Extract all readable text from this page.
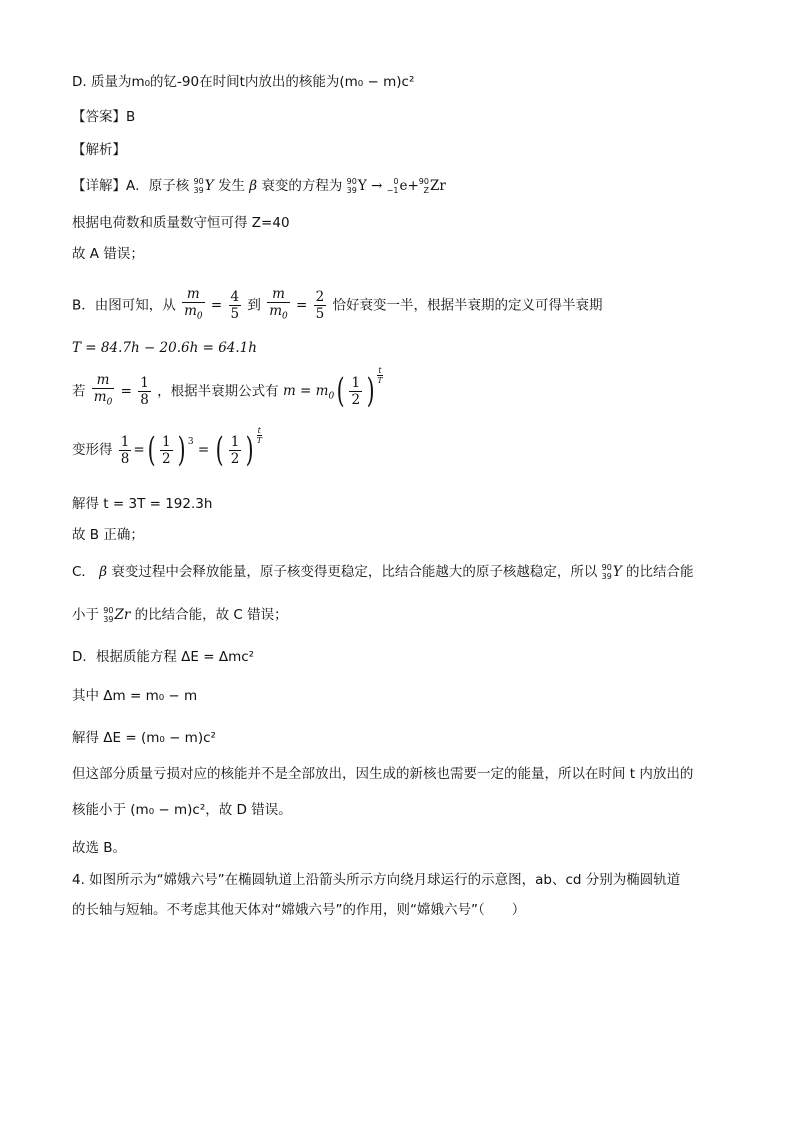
D. 质量为m₀的钇-90在时间t内放出的核能为(m₀ − m)c²
【答案】B
【解析】
【详解】A．原子核 90
39 Y 发生 β 衰变的方程为 90
39 Y → 0
−1 e+ 90
Z Zr
根据电荷数和质量数守恒可得 Z=40
故 A 错误；
B．由图可知，从 $\frac{m}{m_0} = \frac{4}{5}$ 到 $\frac{m}{m_0} = \frac{2}{5}$ 恰好衰变一半，根据半衰期的定义可得半衰期
T = 84.7h − 20.6h = 64.1h
若 $\frac{m}{m_0} = \frac{1}{8}$ ，根据半衰期公式有 $m = m_0( \frac{1}{2}$ ) $\frac{t}{T}$
变形得 $\frac{1}{8}$ =( $\frac{1}{2}$ ) $^3$ = ( $\frac{1}{2}$ ) $\frac{t}{T}$
解得 t = 3T = 192.3h
故 B 正确；
C． β 衰变过程中会释放能量，原子核变得更稳定，比结合能越大的原子核越稳定，所以 90
39 Y 的比结合能
小于 90
39 Zr 的比结合能，故 C 错误；
D．根据质能方程 ΔE = Δmc²
其中 Δm = m₀ − m
解得 ΔE = (m₀ − m)c²
但这部分质量亏损对应的核能并不是全部放出，因生成的新核也需要一定的能量，所以在时间 t 内放出的
核能小于 (m₀ − m)c²，故 D 错误。
故选 B。
4. 如图所示为“嫦娥六号”在椭圆轨道上沿箭头所示方向绕月球运行的示意图，ab、cd 分别为椭圆轨道
的长轴与短轴。不考虑其他天体对“嫦娥六号”的作用，则“嫦娥六号”（　　）
